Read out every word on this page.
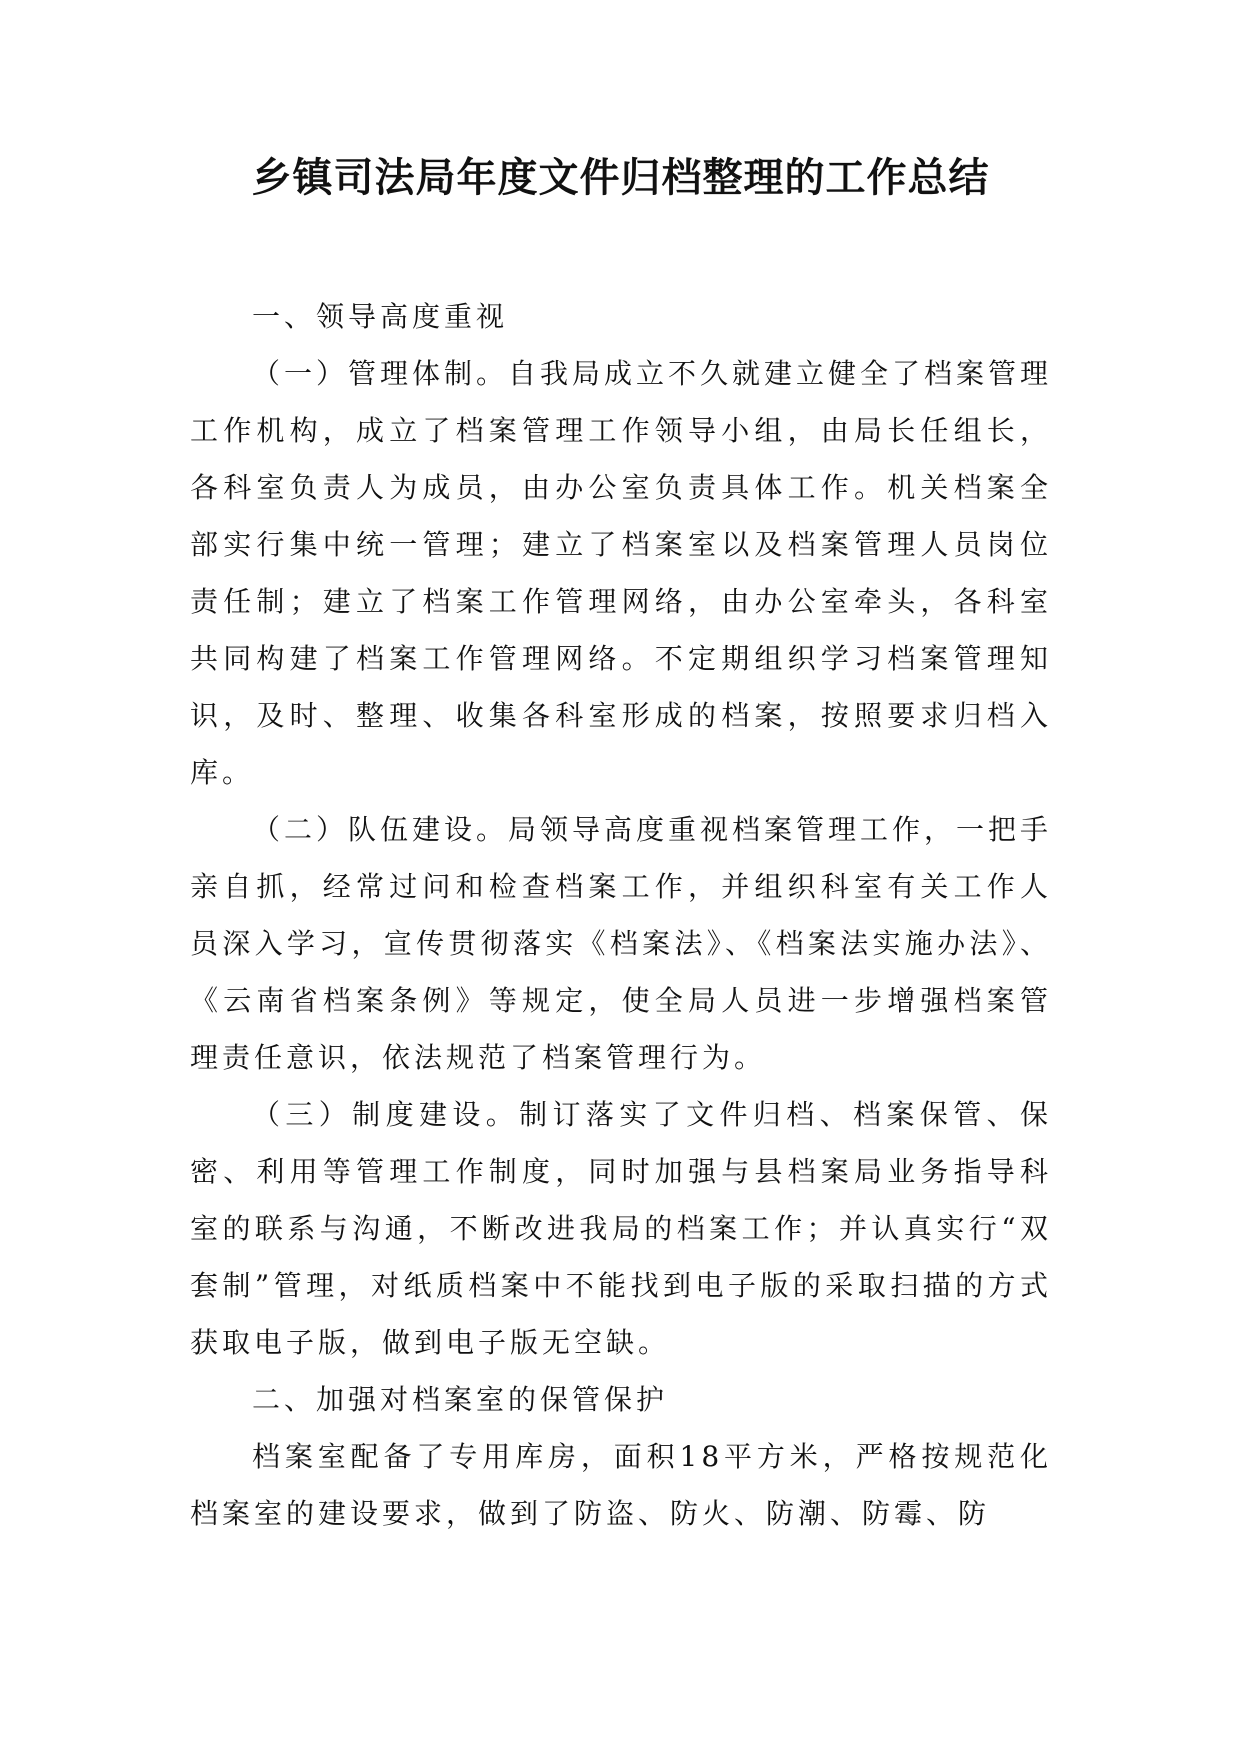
乡镇司法局年度文件归档整理的工作总结

一、领导高度重视

（一）管理体制。自我局成立不久就建立健全了档案管理工作机构，成立了档案管理工作领导小组，由局长任组长，各科室负责人为成员，由办公室负责具体工作。机关档案全部实行集中统一管理；建立了档案室以及档案管理人员岗位责任制；建立了档案工作管理网络，由办公室牵头，各科室共同构建了档案工作管理网络。不定期组织学习档案管理知识，及时、整理、收集各科室形成的档案，按照要求归档入库。

（二）队伍建设。局领导高度重视档案管理工作，一把手亲自抓，经常过问和检查档案工作，并组织科室有关工作人员深入学习，宣传贯彻落实《档案法》、《档案法实施办法》、《云南省档案条例》等规定，使全局人员进一步增强档案管理责任意识，依法规范了档案管理行为。

（三）制度建设。制订落实了文件归档、档案保管、保密、利用等管理工作制度，同时加强与县档案局业务指导科室的联系与沟通，不断改进我局的档案工作；并认真实行“双套制”管理，对纸质档案中不能找到电子版的采取扫描的方式获取电子版，做到电子版无空缺。

二、加强对档案室的保管保护

档案室配备了专用库房，面积18平方米，严格按规范化档案室的建设要求，做到了防盗、防火、防潮、防霉、防
